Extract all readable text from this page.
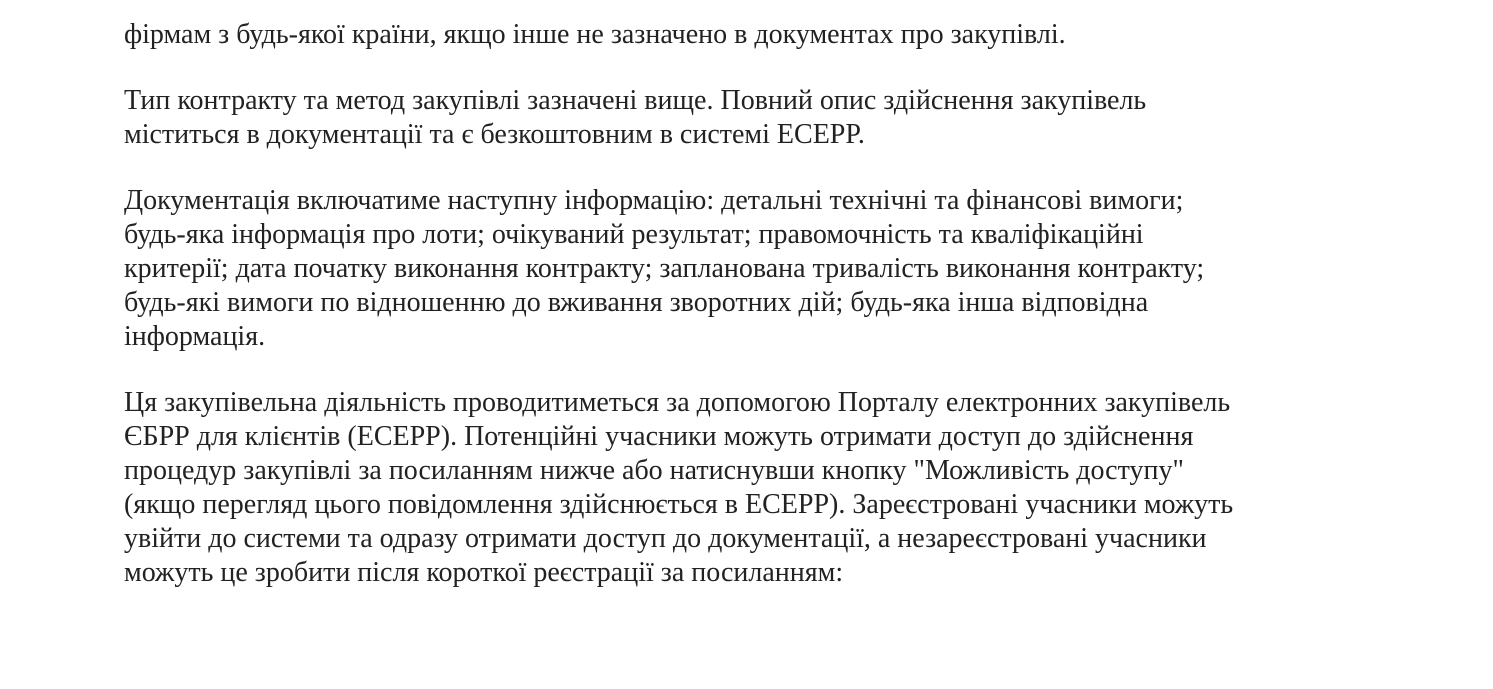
фірмам з будь-якої країни, якщо інше не зазначено в документах про закупівлі.

Тип контракту та метод закупівлі зазначені вище. Повний опис здійснення закупівель
міститься в документації та є безкоштовним в системі ECEPP.

Документація включатиме наступну інформацію: детальні технічні та фінансові вимоги;
будь-яка інформація про лоти; очікуваний результат; правомочність та кваліфікаційні
критерії; дата початку виконання контракту; запланована тривалість виконання контракту;
будь-які вимоги по відношенню до вживання зворотних дій; будь-яка інша відповідна
інформація.

Ця закупівельна діяльність проводитиметься за допомогою Порталу електронних закупівель
ЄБРР для клієнтів (ECEPP). Потенційні учасники можуть отримати доступ до здійснення
процедур закупівлі за посиланням нижче або натиснувши кнопку "Можливість доступу"
(якщо перегляд цього повідомлення здійснюється в ECEPP). Зареєстровані учасники можуть
увійти до системи та одразу отримати доступ до документації, а незареєстровані учасники
можуть це зробити після короткої реєстрації за посиланням:
